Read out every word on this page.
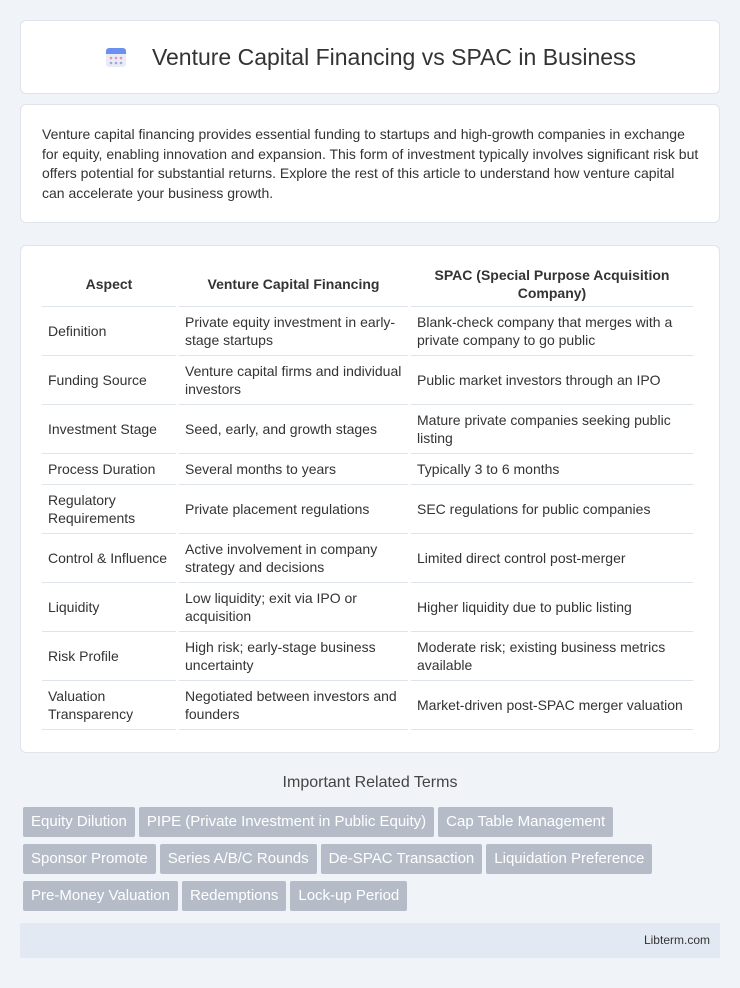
Venture Capital Financing vs SPAC in Business

Venture capital financing provides essential funding to startups and high-growth companies in exchange for equity, enabling innovation and expansion. This form of investment typically involves significant risk but offers potential for substantial returns. Explore the rest of this article to understand how venture capital can accelerate your business growth.

Aspect	Venture Capital Financing	SPAC (Special Purpose Acquisition Company)
Definition	Private equity investment in early-stage startups	Blank-check company that merges with a private company to go public
Funding Source	Venture capital firms and individual investors	Public market investors through an IPO
Investment Stage	Seed, early, and growth stages	Mature private companies seeking public listing
Process Duration	Several months to years	Typically 3 to 6 months
Regulatory Requirements	Private placement regulations	SEC regulations for public companies
Control & Influence	Active involvement in company strategy and decisions	Limited direct control post-merger
Liquidity	Low liquidity; exit via IPO or acquisition	Higher liquidity due to public listing
Risk Profile	High risk; early-stage business uncertainty	Moderate risk; existing business metrics available
Valuation Transparency	Negotiated between investors and founders	Market-driven post-SPAC merger valuation
Important Related Terms
Equity Dilution PIPE (Private Investment in Public Equity) Cap Table Management
Sponsor Promote Series A/B/C Rounds De-SPAC Transaction Liquidation Preference
Pre-Money Valuation Redemptions Lock-up Period
Libterm.com
